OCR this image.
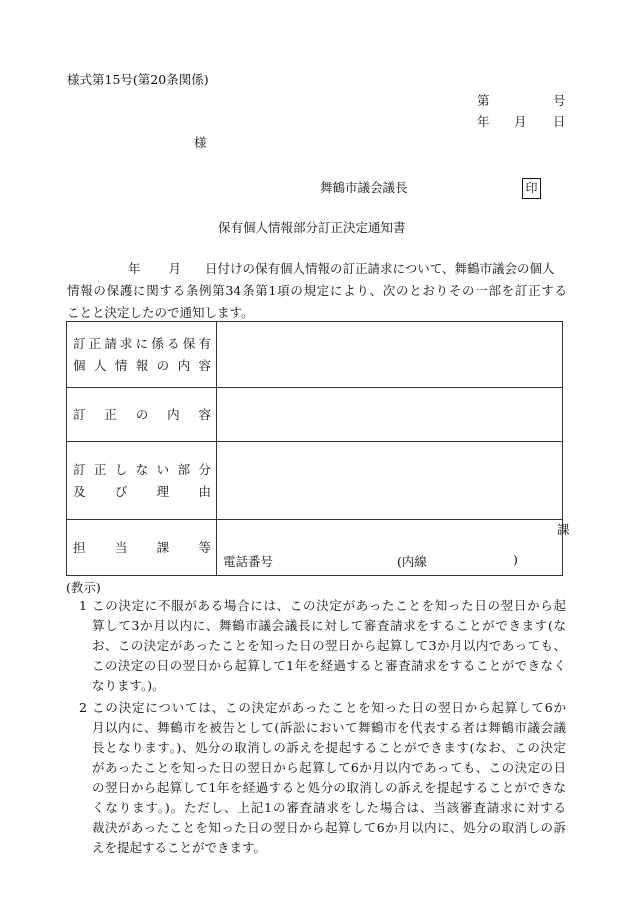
様式第15号(第20条関係)
第	号
年 月 日
様
舞鶴市議会議長	印
保有個人情報部分訂正決定通知書
年 月 日付けの保有個人情報の訂正請求について、舞鶴市議会の個人
情報の保護に関する条例第34条第1項の規定により、次のとおりその一部を訂正する
ことと決定したので通知します。
訂正請求に係る保有
個人情報の内容	

訂正の内容	

訂正しない部分
及び理由	

担当課等	課
電話番号 (内線 )
(教示)
1 この決定に不服がある場合には、この決定があったことを知った日の翌日から起
算して3か月以内に、舞鶴市議会議長に対して審査請求をすることができます(な
お、この決定があったことを知った日の翌日から起算して3か月以内であっても、
この決定の日の翌日から起算して1年を経過すると審査請求をすることができなく
なります。)。
2 この決定については、この決定があったことを知った日の翌日から起算して6か
月以内に、舞鶴市を被告として(訴訟において舞鶴市を代表する者は舞鶴市議会議
長となります。)、処分の取消しの訴えを提起することができます(なお、この決定
があったことを知った日の翌日から起算して6か月以内であっても、この決定の日
の翌日から起算して1年を経過すると処分の取消しの訴えを提起することができな
くなります。)。ただし、上記1の審査請求をした場合は、当該審査請求に対する
裁決があったことを知った日の翌日から起算して6か月以内に、処分の取消しの訴
えを提起することができます。
